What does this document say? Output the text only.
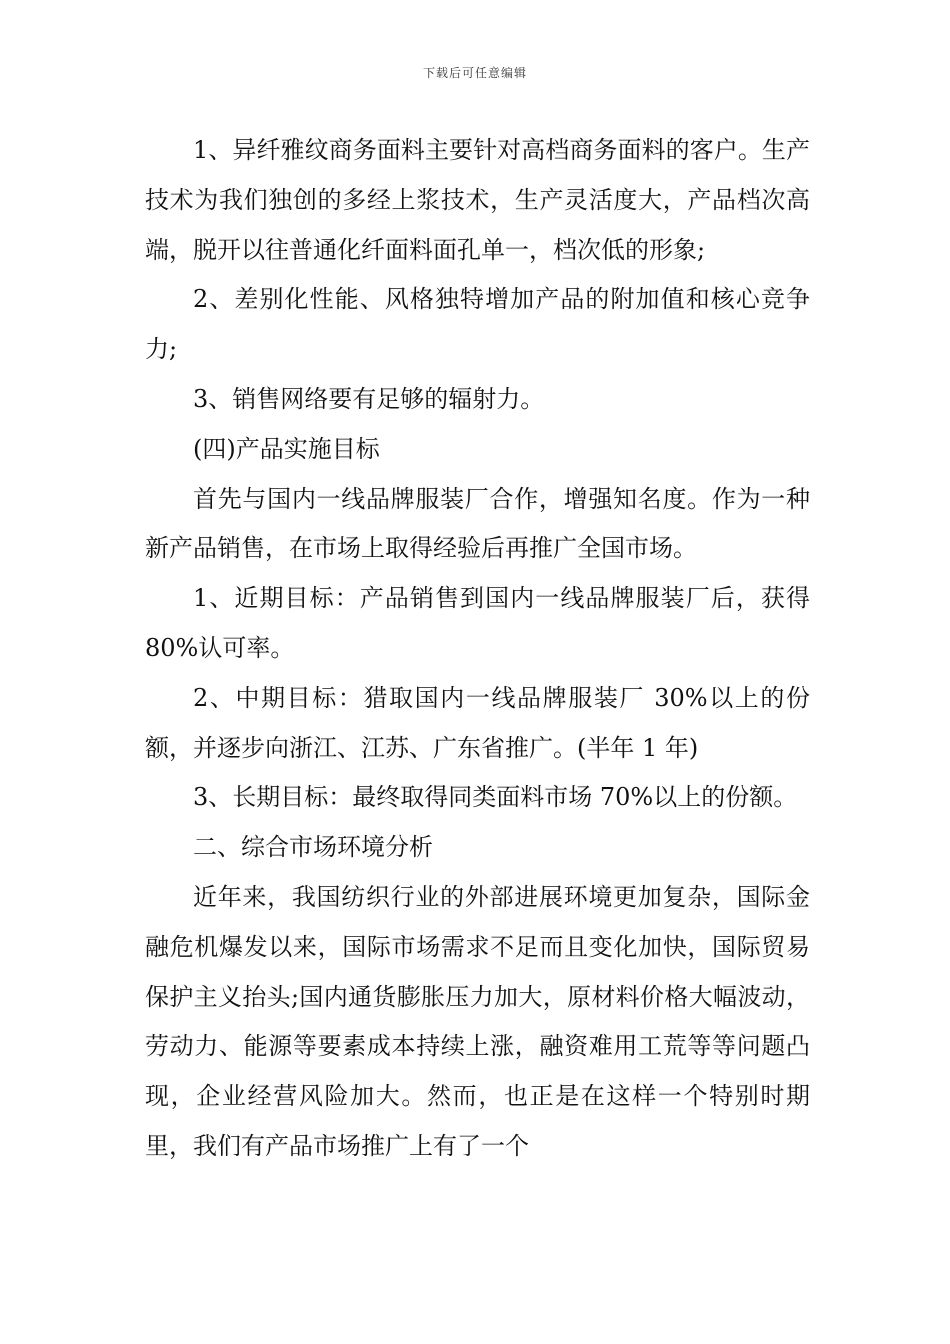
下载后可任意编辑

1、异纤雅纹商务面料主要针对高档商务面料的客户。生产技术为我们独创的多经上浆技术，生产灵活度大，产品档次高端，脱开以往普通化纤面料面孔单一，档次低的形象;

2、差别化性能、风格独特增加产品的附加值和核心竞争力;

3、销售网络要有足够的辐射力。

(四)产品实施目标

首先与国内一线品牌服装厂合作，增强知名度。作为一种新产品销售，在市场上取得经验后再推广全国市场。

1、近期目标：产品销售到国内一线品牌服装厂后，获得80%认可率。

2、中期目标：猎取国内一线品牌服装厂 30%以上的份额，并逐步向浙江、江苏、广东省推广。(半年 1 年)

3、长期目标：最终取得同类面料市场 70%以上的份额。

二、综合市场环境分析

近年来，我国纺织行业的外部进展环境更加复杂，国际金融危机爆发以来，国际市场需求不足而且变化加快，国际贸易保护主义抬头;国内通货膨胀压力加大，原材料价格大幅波动，劳动力、能源等要素成本持续上涨，融资难用工荒等等问题凸现，企业经营风险加大。然而，也正是在这样一个特别时期里，我们有产品市场推广上有了一个
